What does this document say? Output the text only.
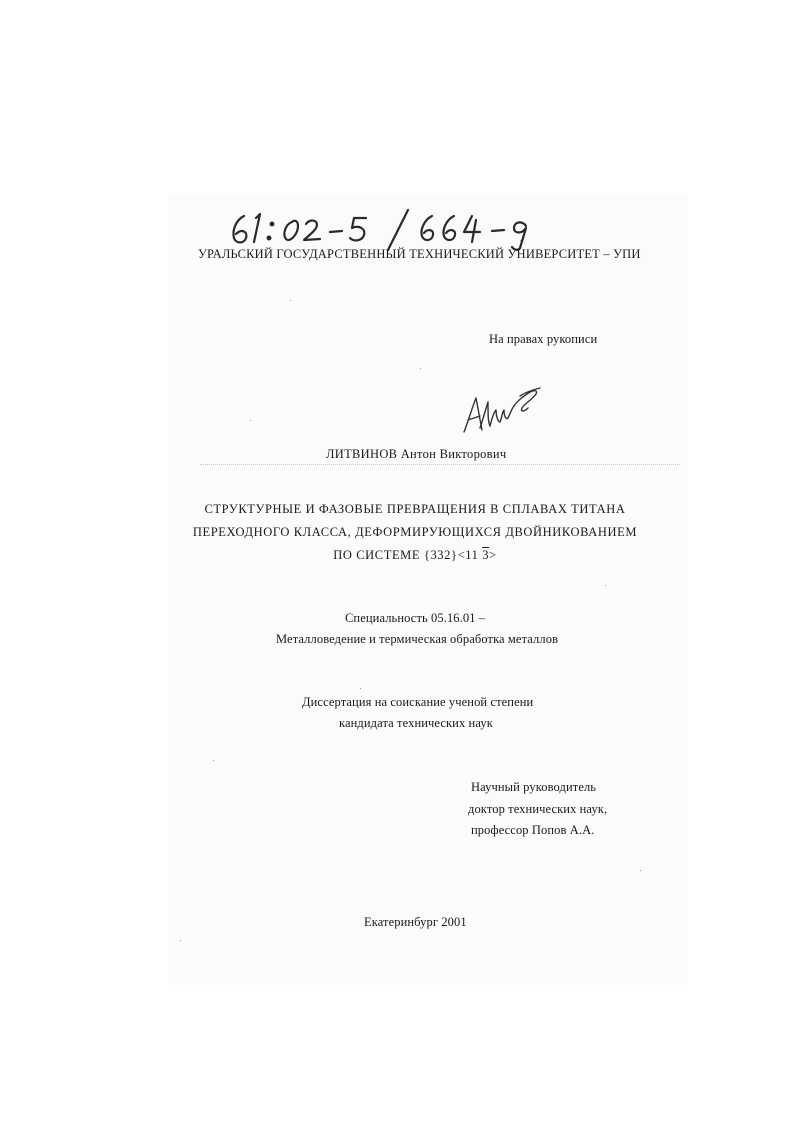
УРАЛЬСКИЙ ГОСУДАРСТВЕННЫЙ ТЕХНИЧЕСКИЙ УНИВЕРСИТЕТ – УПИ
На правах рукописи
ЛИТВИНОВ Антон Викторович
СТРУКТУРНЫЕ И ФАЗОВЫЕ ПРЕВРАЩЕНИЯ В СПЛАВАХ ТИТАНА
ПЕРЕХОДНОГО КЛАССА, ДЕФОРМИРУЮЩИХСЯ ДВОЙНИКОВАНИЕМ
ПО СИСТЕМЕ {332}<11 3>
Специальность 05.16.01 –
Металловедение и термическая обработка металлов
Диссертация на соискание ученой степени
кандидата технических наук
Научный руководитель
доктор технических наук,
профессор Попов А.А.
Екатеринбург 2001
